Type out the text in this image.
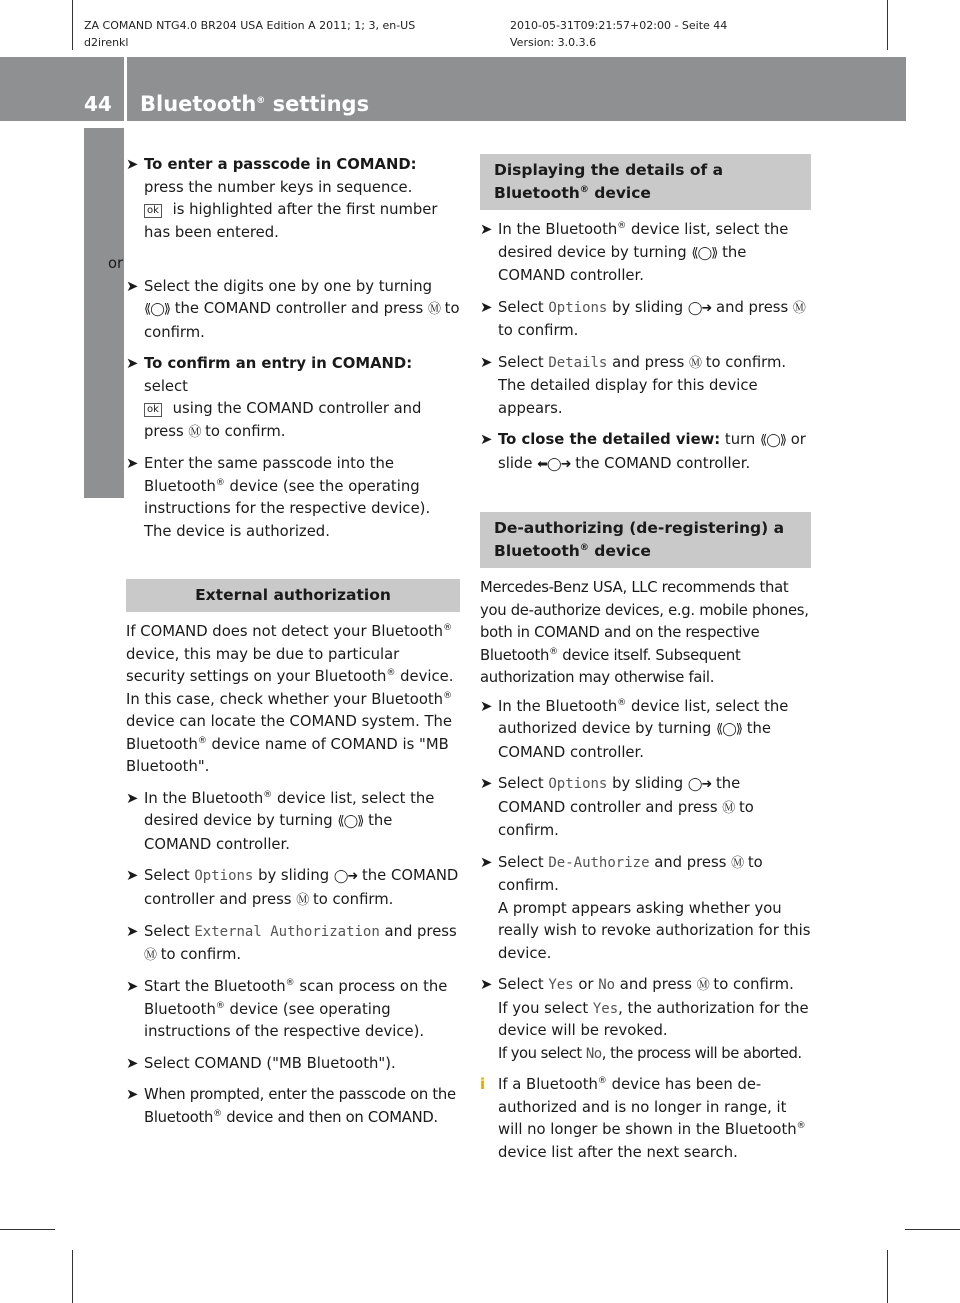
ZA COMAND NTG4.0 BR204 USA Edition A 2011; 1; 3, en-US
d2irenkl
2010-05-31T09:21:57+02:00 - Seite 44
Version: 3.0.3.6
44 Bluetooth® settings
System settings

➤ To enter a passcode in COMAND: press the number keys in sequence.

ok is highlighted after the first number has been entered.

or

➤ Select the digits one by one by turning ⟪◯⟫ the COMAND controller and press Ⓜ to confirm.

➤ To confirm an entry in COMAND: select
ok using the COMAND controller and press Ⓜ to confirm.

➤ Enter the same passcode into the Bluetooth® device (see the operating instructions for the respective device).
The device is authorized.

External authorization

If COMAND does not detect your Bluetooth® device, this may be due to particular security settings on your Bluetooth® device. In this case, check whether your Bluetooth® device can locate the COMAND system. The Bluetooth® device name of COMAND is "MB Bluetooth".

➤ In the Bluetooth® device list, select the desired device by turning ⟪◯⟫ the COMAND controller.

➤ Select Options by sliding ◯➜ the COMAND controller and press Ⓜ to confirm.

➤ Select External Authorization and press Ⓜ to confirm.

➤ Start the Bluetooth® scan process on the Bluetooth® device (see operating instructions of the respective device).

➤ Select COMAND ("MB Bluetooth").

➤ When prompted, enter the passcode on the Bluetooth® device and then on COMAND.

Displaying the details of a Bluetooth® device

➤ In the Bluetooth® device list, select the desired device by turning ⟪◯⟫ the COMAND controller.

➤ Select Options by sliding ◯➜ and press Ⓜ to confirm.

➤ Select Details and press Ⓜ to confirm.
The detailed display for this device appears.

➤ To close the detailed view: turn ⟪◯⟫ or slide ⬅◯➜ the COMAND controller.

De-authorizing (de-registering) a Bluetooth® device

Mercedes-Benz USA, LLC recommends that you de-authorize devices, e.g. mobile phones, both in COMAND and on the respective Bluetooth® device itself. Subsequent authorization may otherwise fail.

➤ In the Bluetooth® device list, select the authorized device by turning ⟪◯⟫ the COMAND controller.

➤ Select Options by sliding ◯➜ the COMAND controller and press Ⓜ to confirm.

➤ Select De-Authorize and press Ⓜ to confirm.
A prompt appears asking whether you really wish to revoke authorization for this device.

➤ Select Yes or No and press Ⓜ to confirm.
If you select Yes, the authorization for the device will be revoked.
If you select No, the process will be aborted.

i If a Bluetooth® device has been de-authorized and is no longer in range, it will no longer be shown in the Bluetooth® device list after the next search.
